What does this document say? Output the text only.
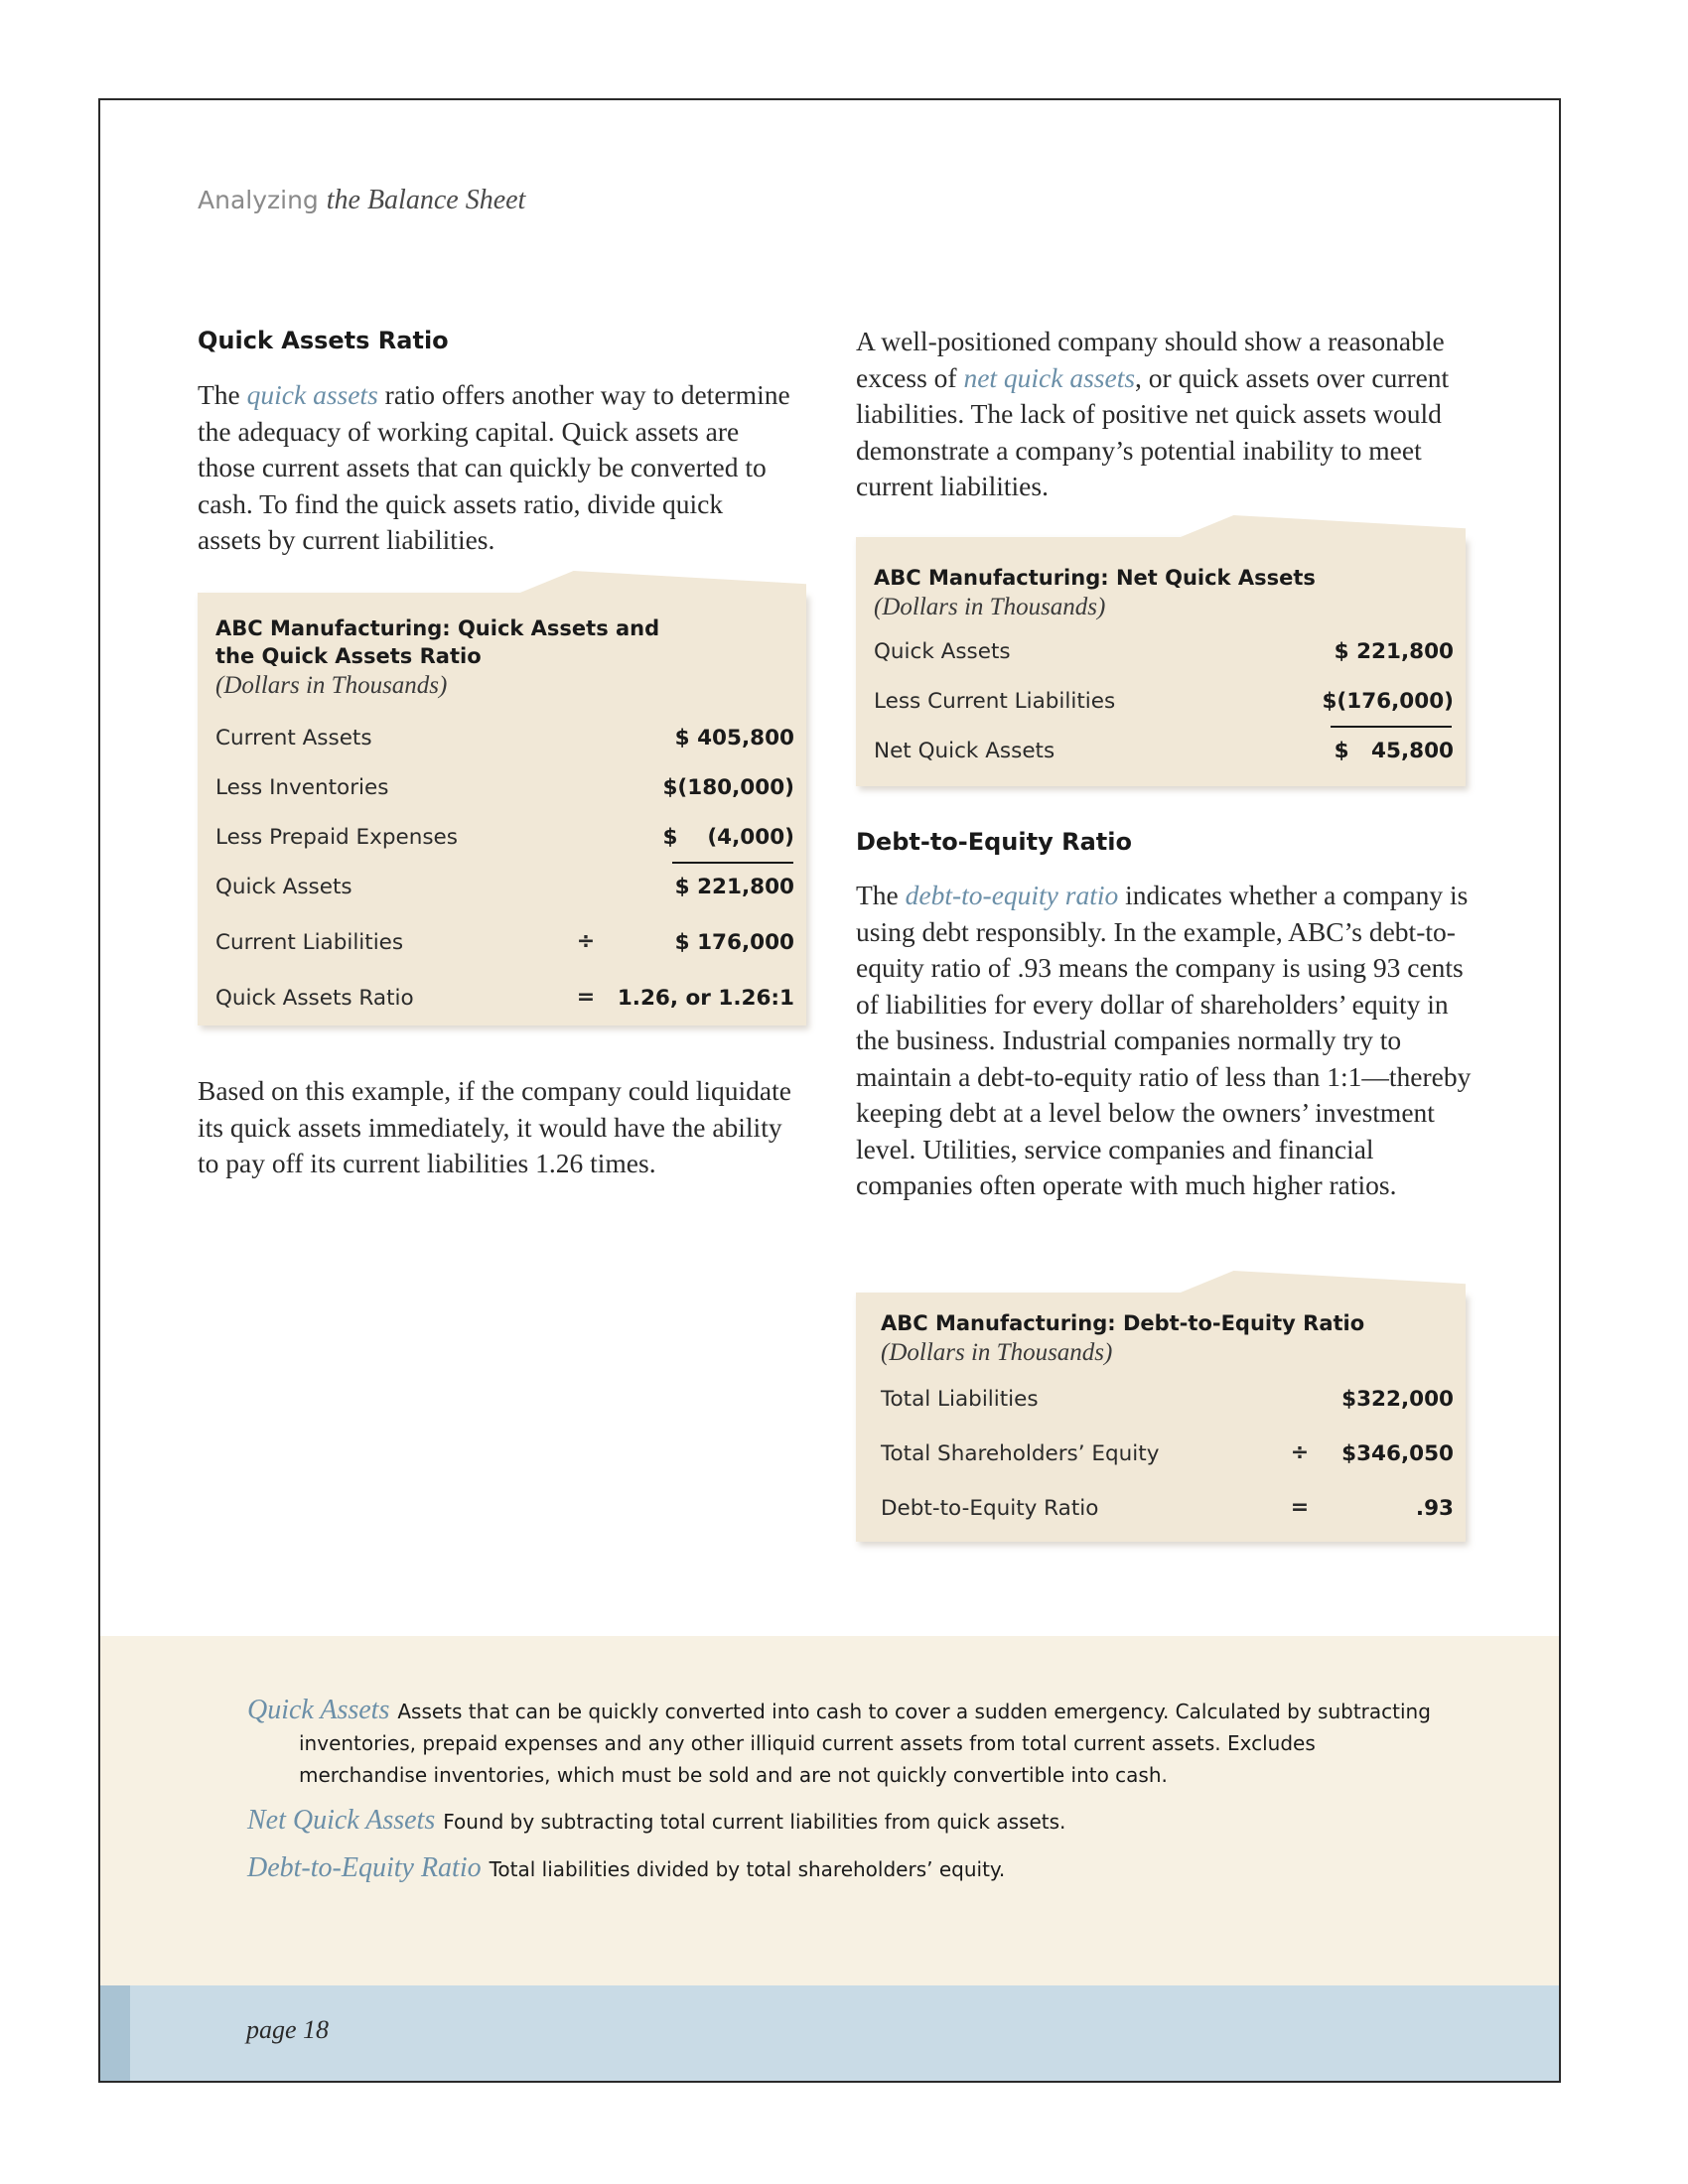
Analyzing the Balance Sheet
Quick Assets Ratio

The quick assets ratio offers another way to determine the adequacy of working capital. Quick assets are those current assets that can quickly be converted to cash. To find the quick assets ratio, divide quick assets by current liabilities.

ABC Manufacturing: Quick Assets and
the Quick Assets Ratio
(Dollars in Thousands)
Current Assets	$ 405,800
Less Inventories	$(180,000)
Less Prepaid Expenses	$    (4,000)
Quick Assets	$ 221,800
Current Liabilities	÷	$ 176,000
Quick Assets Ratio	= 1.26, or 1.26:1

Based on this example, if the company could liquidate its quick assets immediately, it would have the ability to pay off its current liabilities 1.26 times.

A well-positioned company should show a reasonable excess of net quick assets, or quick assets over current liabilities. The lack of positive net quick assets would demonstrate a company’s potential inability to meet current liabilities.

ABC Manufacturing: Net Quick Assets
(Dollars in Thousands)
Quick Assets	$ 221,800
Less Current Liabilities	$(176,000)
Net Quick Assets	$   45,800
Debt-to-Equity Ratio

The debt-to-equity ratio indicates whether a company is using debt responsibly. In the example, ABC’s debt-to-equity ratio of .93 means the company is using 93 cents of liabilities for every dollar of shareholders’ equity in the business. Industrial companies normally try to maintain a debt-to-equity ratio of less than 1:1—thereby keeping debt at a level below the owners’ investment level. Utilities, service companies and financial companies often operate with much higher ratios.

ABC Manufacturing: Debt-to-Equity Ratio
(Dollars in Thousands)
Total Liabilities	$322,000
Total Shareholders’ Equity	÷ $346,050
Debt-to-Equity Ratio	=	.93

Quick Assets Assets that can be quickly converted into cash to cover a sudden emergency. Calculated by subtracting inventories, prepaid expenses and any other illiquid current assets from total current assets. Excludes merchandise inventories, which must be sold and are not quickly convertible into cash.

Net Quick Assets Found by subtracting total current liabilities from quick assets.

Debt-to-Equity Ratio Total liabilities divided by total shareholders’ equity.

page 18
